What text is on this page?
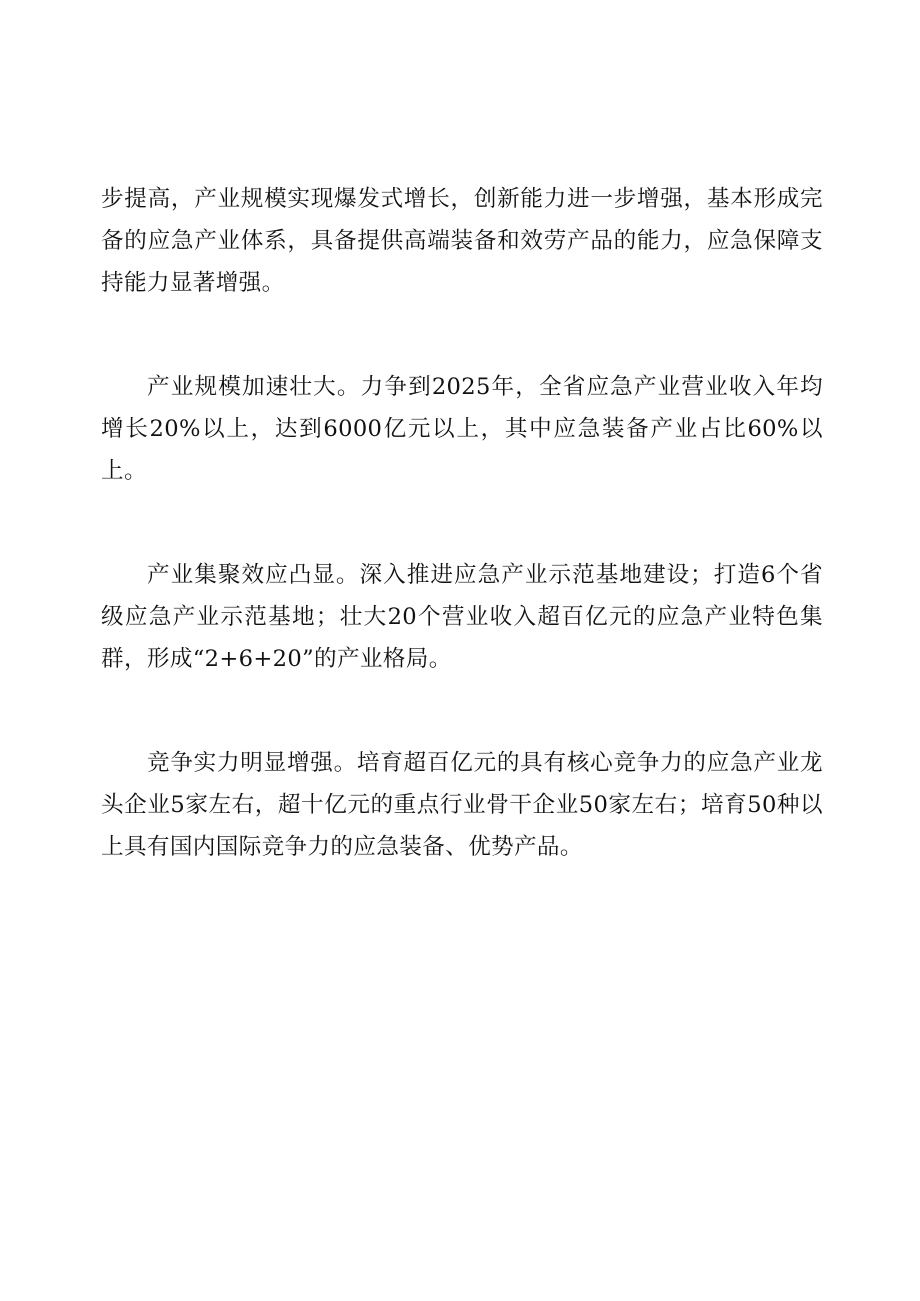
步提高，产业规模实现爆发式增长，创新能力进一步增强，基本形成完备的应急产业体系，具备提供高端装备和效劳产品的能力，应急保障支持能力显著增强。

产业规模加速壮大。力争到2025年，全省应急产业营业收入年均增长20%以上，达到6000亿元以上，其中应急装备产业占比60%以上。

产业集聚效应凸显。深入推进应急产业示范基地建设；打造6个省级应急产业示范基地；壮大20个营业收入超百亿元的应急产业特色集群，形成“2+6+20”的产业格局。

竞争实力明显增强。培育超百亿元的具有核心竞争力的应急产业龙头企业5家左右，超十亿元的重点行业骨干企业50家左右；培育50种以上具有国内国际竞争力的应急装备、优势产品。
